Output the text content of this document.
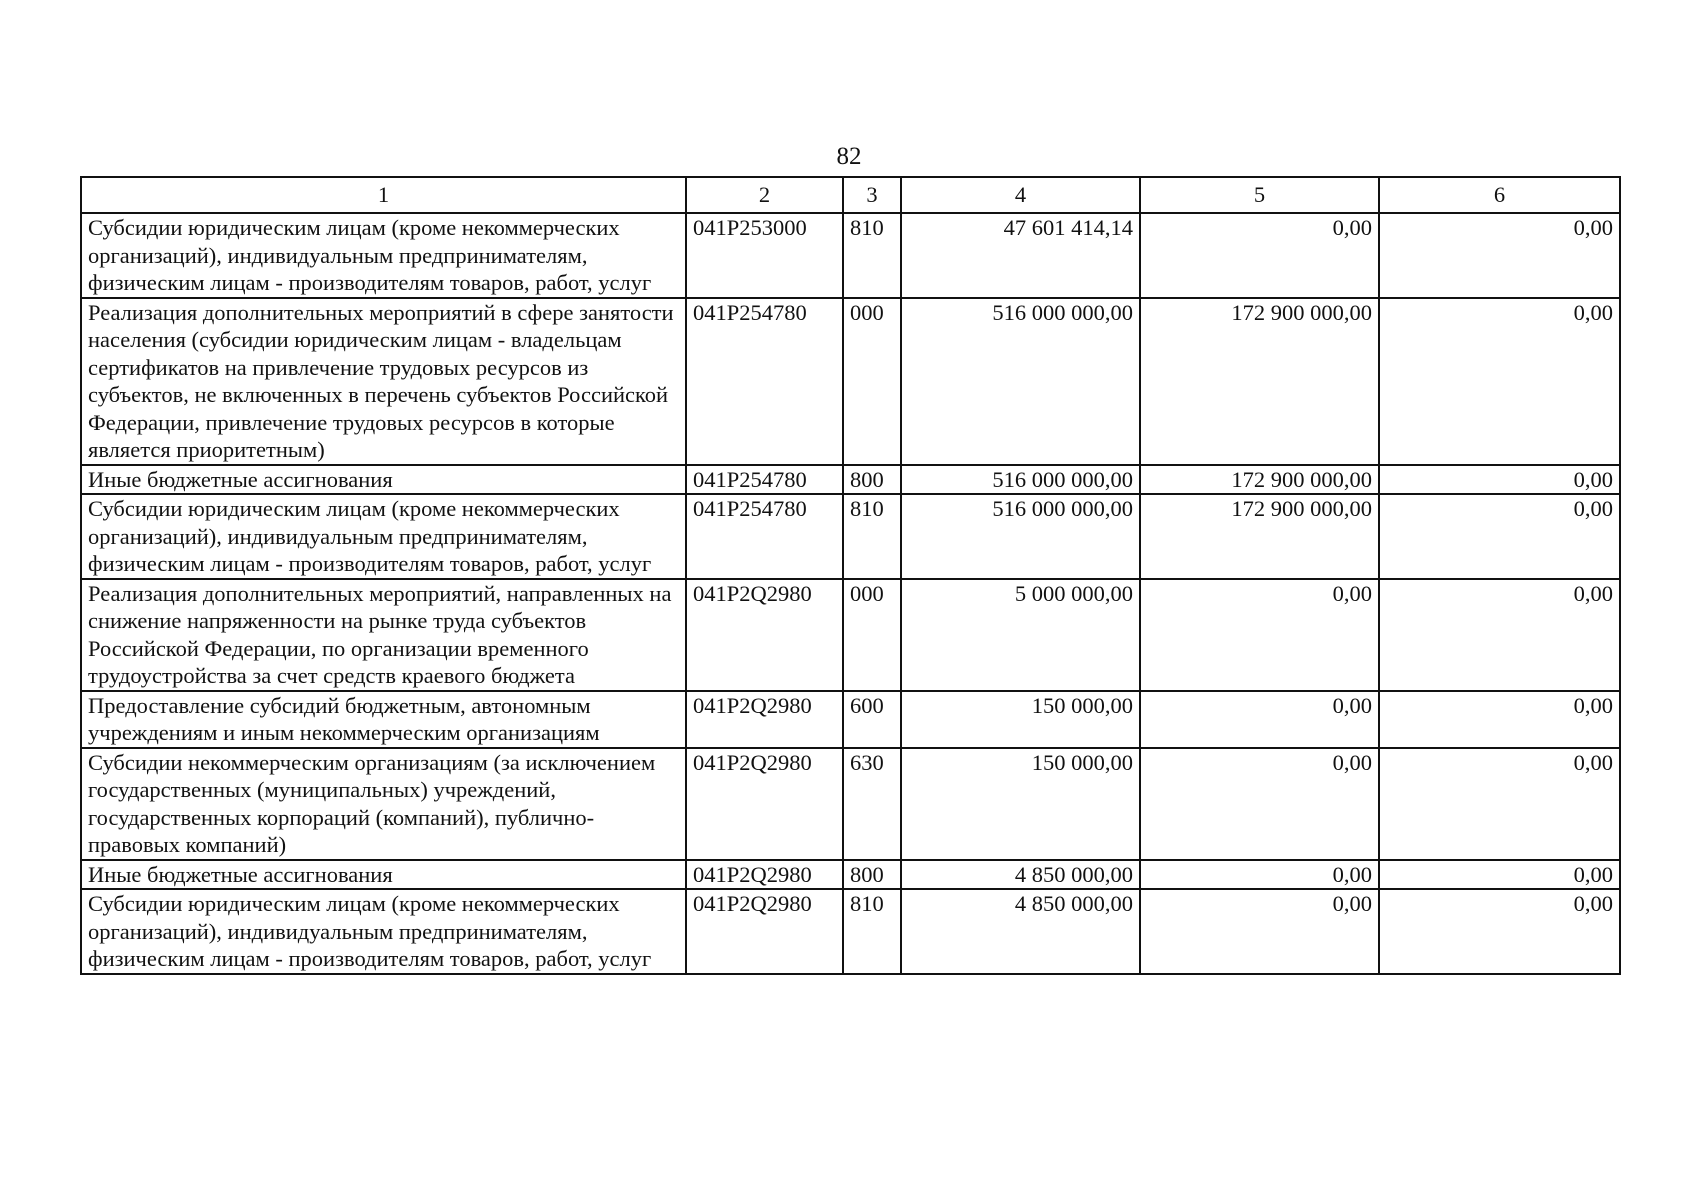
82
1	2	3	4	5	6
Субсидии юридическим лицам (кроме некоммерческих организаций), индивидуальным предпринимателям, физическим лицам - производителям товаров, работ, услуг	041P253000	810	47 601 414,14	0,00	0,00
Реализация дополнительных мероприятий в сфере занятости населения (субсидии юридическим лицам - владельцам сертификатов на привлечение трудовых ресурсов из субъектов, не включенных в перечень субъектов Российской Федерации, привлечение трудовых ресурсов в которые является приоритетным)	041P254780	000	516 000 000,00	172 900 000,00	0,00
Иные бюджетные ассигнования	041P254780	800	516 000 000,00	172 900 000,00	0,00
Субсидии юридическим лицам (кроме некоммерческих организаций), индивидуальным предпринимателям, физическим лицам - производителям товаров, работ, услуг	041P254780	810	516 000 000,00	172 900 000,00	0,00
Реализация дополнительных мероприятий, направленных на снижение напряженности на рынке труда субъектов Российской Федерации, по организации временного трудоустройства за счет средств краевого бюджета	041P2Q2980	000	5 000 000,00	0,00	0,00
Предоставление субсидий бюджетным, автономным учреждениям и иным некоммерческим организациям	041P2Q2980	600	150 000,00	0,00	0,00
Субсидии некоммерческим организациям (за исключением государственных (муниципальных) учреждений, государственных корпораций (компаний), публично-правовых компаний)	041P2Q2980	630	150 000,00	0,00	0,00
Иные бюджетные ассигнования	041P2Q2980	800	4 850 000,00	0,00	0,00
Субсидии юридическим лицам (кроме некоммерческих организаций), индивидуальным предпринимателям, физическим лицам - производителям товаров, работ, услуг	041P2Q2980	810	4 850 000,00	0,00	0,00
